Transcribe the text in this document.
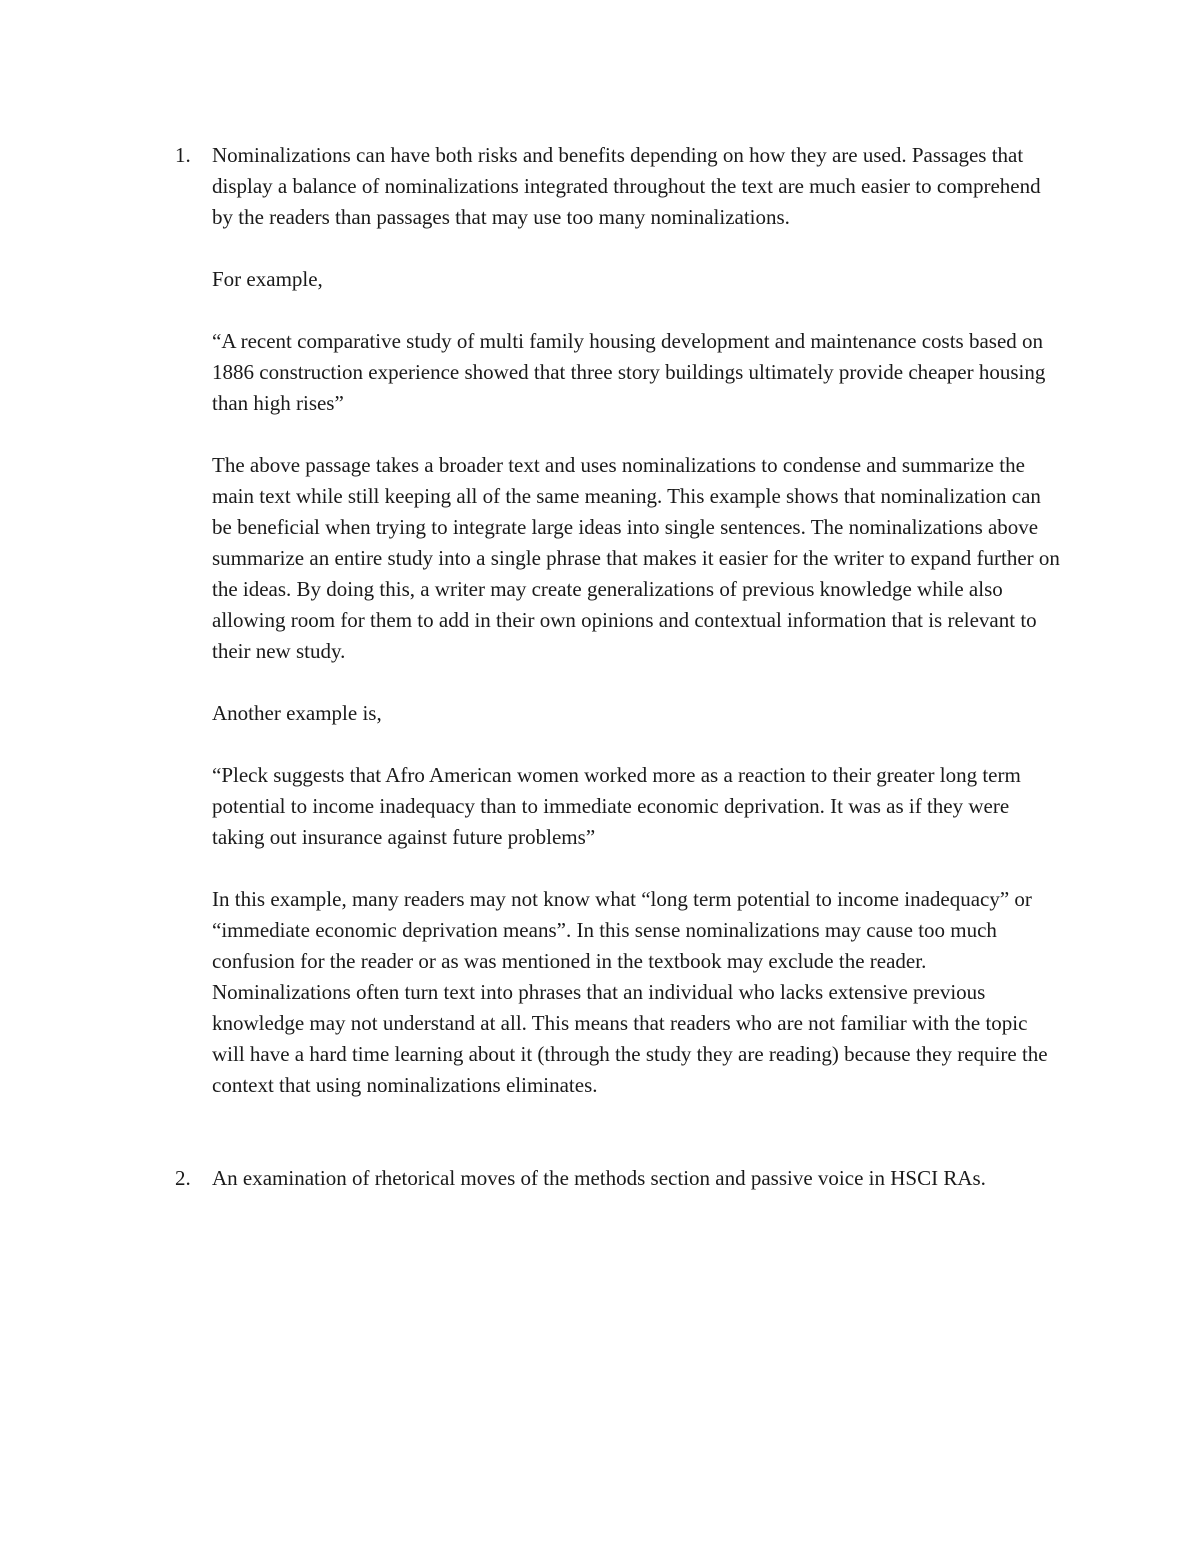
1. Nominalizations can have both risks and benefits depending on how they are used. Passages that display a balance of nominalizations integrated throughout the text are much easier to comprehend by the readers than passages that may use too many nominalizations.

For example,

“A recent comparative study of multi family housing development and maintenance costs based on 1886 construction experience showed that three story buildings ultimately provide cheaper housing than high rises”

The above passage takes a broader text and uses nominalizations to condense and summarize the main text while still keeping all of the same meaning. This example shows that nominalization can be beneficial when trying to integrate large ideas into single sentences. The nominalizations above summarize an entire study into a single phrase that makes it easier for the writer to expand further on the ideas. By doing this, a writer may create generalizations of previous knowledge while also allowing room for them to add in their own opinions and contextual information that is relevant to their new study.

Another example is,

“Pleck suggests that Afro American women worked more as a reaction to their greater long term potential to income inadequacy than to immediate economic deprivation. It was as if they were taking out insurance against future problems”

In this example, many readers may not know what “long term potential to income inadequacy” or “immediate economic deprivation means”. In this sense nominalizations may cause too much confusion for the reader or as was mentioned in the textbook may exclude the reader. Nominalizations often turn text into phrases that an individual who lacks extensive previous knowledge may not understand at all. This means that readers who are not familiar with the topic will have a hard time learning about it (through the study they are reading) because they require the context that using nominalizations eliminates.

2. An examination of rhetorical moves of the methods section and passive voice in HSCI RAs.
